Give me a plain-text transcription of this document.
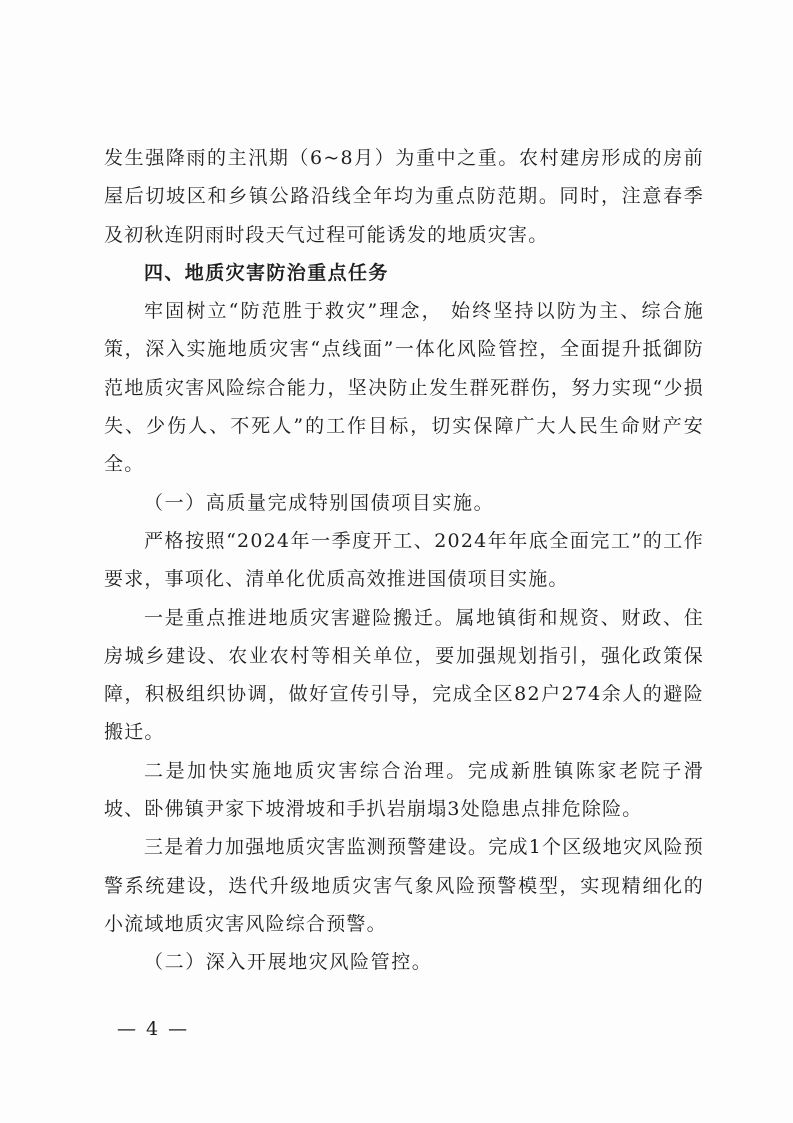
发生强降雨的主汛期（6~8月）为重中之重。农村建房形成的房前屋后切坡区和乡镇公路沿线全年均为重点防范期。同时，注意春季及初秋连阴雨时段天气过程可能诱发的地质灾害。

四、地质灾害防治重点任务

牢固树立“防范胜于救灾”理念， 始终坚持以防为主、综合施策，深入实施地质灾害“点线面”一体化风险管控，全面提升抵御防范地质灾害风险综合能力，坚决防止发生群死群伤，努力实现“少损失、少伤人、不死人”的工作目标，切实保障广大人民生命财产安全。

（一）高质量完成特别国债项目实施。

严格按照“2024年一季度开工、2024年年底全面完工”的工作要求，事项化、清单化优质高效推进国债项目实施。

一是重点推进地质灾害避险搬迁。属地镇街和规资、财政、住房城乡建设、农业农村等相关单位，要加强规划指引，强化政策保障，积极组织协调，做好宣传引导，完成全区82户274余人的避险搬迁。

二是加快实施地质灾害综合治理。完成新胜镇陈家老院子滑坡、卧佛镇尹家下坡滑坡和手扒岩崩塌3处隐患点排危除险。

三是着力加强地质灾害监测预警建设。完成1个区级地灾风险预警系统建设，迭代升级地质灾害气象风险预警模型，实现精细化的小流域地质灾害风险综合预警。

（二）深入开展地灾风险管控。

— 4 —
